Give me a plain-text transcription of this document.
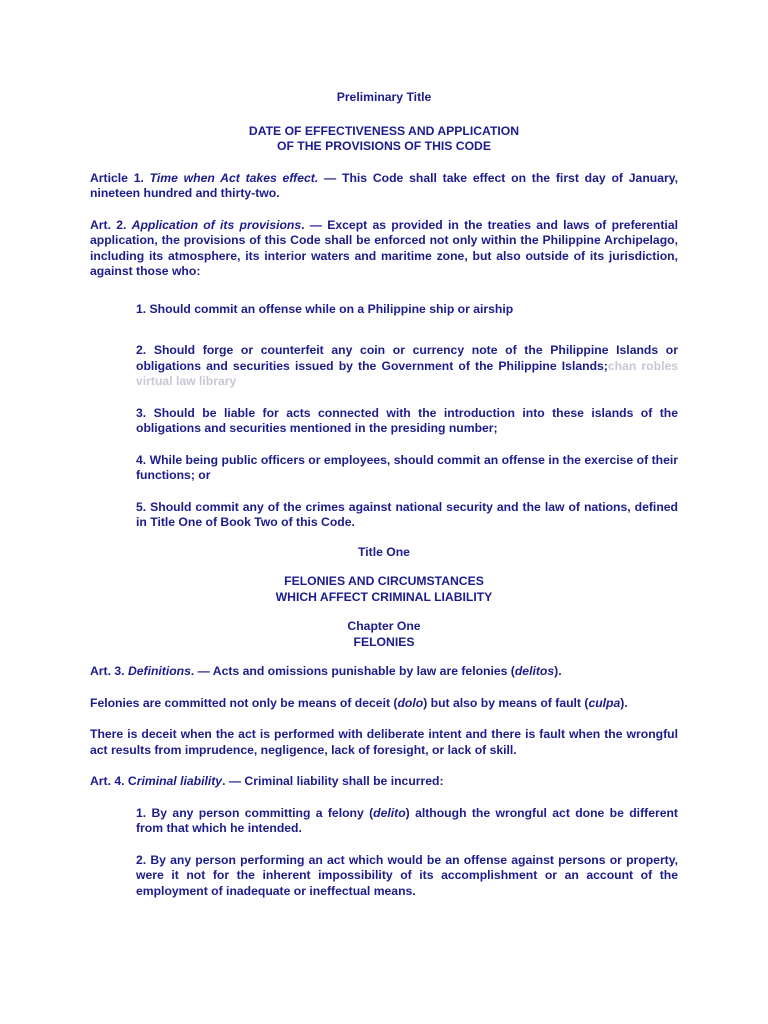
Preliminary Title

DATE OF EFFECTIVENESS AND APPLICATION

OF THE PROVISIONS OF THIS CODE

Article 1. Time when Act takes effect. — This Code shall take effect on the first day of January, nineteen hundred and thirty-two.

Art. 2. Application of its provisions. — Except as provided in the treaties and laws of preferential application, the provisions of this Code shall be enforced not only within the Philippine Archipelago, including its atmosphere, its interior waters and maritime zone, but also outside of its jurisdiction, against those who:

1. Should commit an offense while on a Philippine ship or airship

2. Should forge or counterfeit any coin or currency note of the Philippine Islands or obligations and securities issued by the Government of the Philippine Islands;chan robles virtual law library

3. Should be liable for acts connected with the introduction into these islands of the obligations and securities mentioned in the presiding number;

4. While being public officers or employees, should commit an offense in the exercise of their functions; or

5. Should commit any of the crimes against national security and the law of nations, defined in Title One of Book Two of this Code.

Title One

FELONIES AND CIRCUMSTANCES

WHICH AFFECT CRIMINAL LIABILITY

Chapter One

FELONIES

Art. 3. Definitions. — Acts and omissions punishable by law are felonies (delitos).

Felonies are committed not only be means of deceit (dolo) but also by means of fault (culpa).

There is deceit when the act is performed with deliberate intent and there is fault when the wrongful act results from imprudence, negligence, lack of foresight, or lack of skill.

Art. 4. Criminal liability. — Criminal liability shall be incurred:

1. By any person committing a felony (delito) although the wrongful act done be different from that which he intended.

2. By any person performing an act which would be an offense against persons or property, were it not for the inherent impossibility of its accomplishment or an account of the employment of inadequate or ineffectual means.
